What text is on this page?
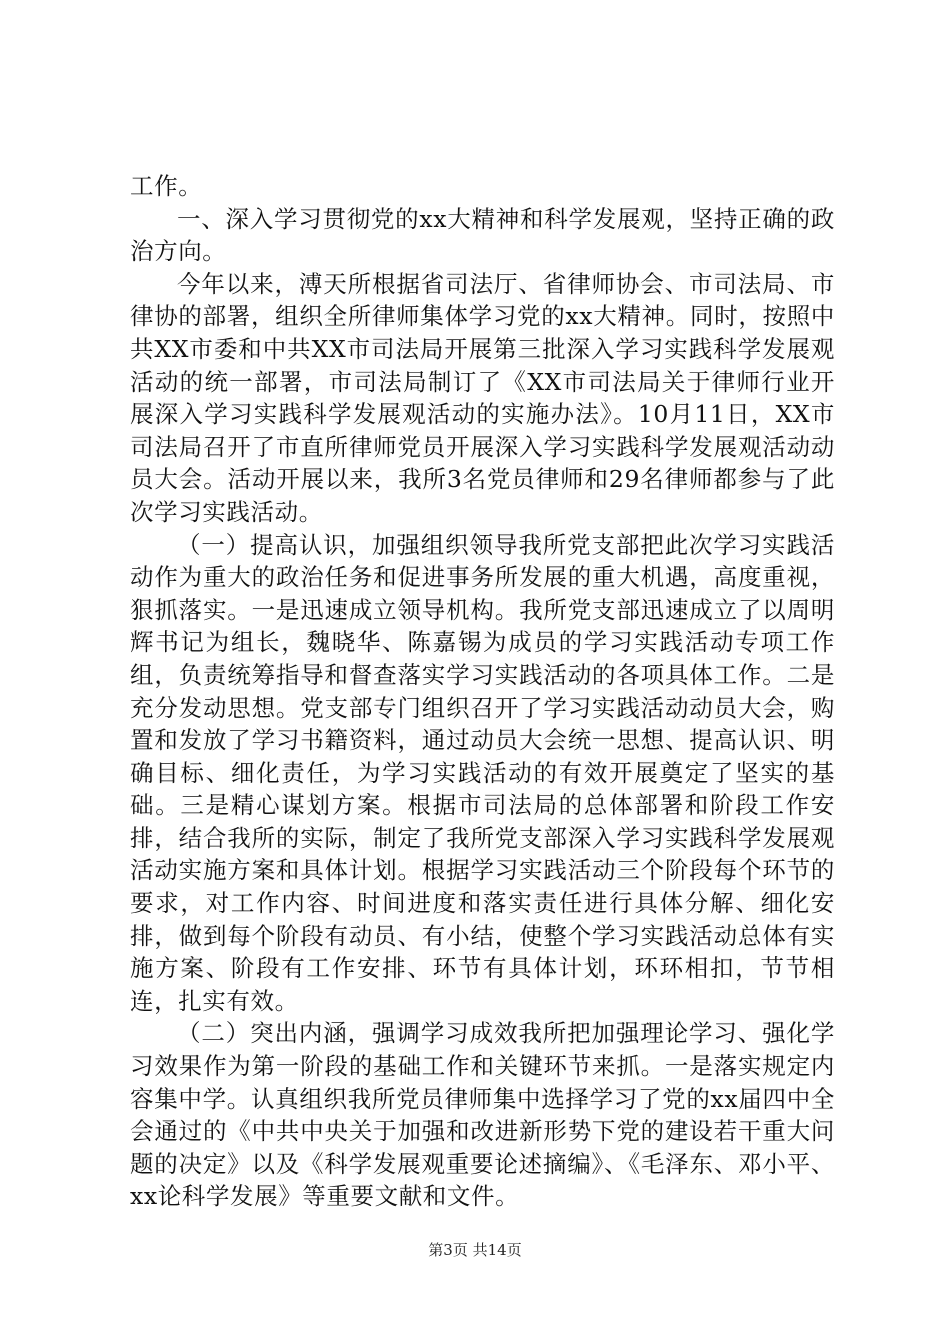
工作。

一、深入学习贯彻党的xx大精神和科学发展观，坚持正确的政治方向。

今年以来，溥天所根据省司法厅、省律师协会、市司法局、市律协的部署，组织全所律师集体学习党的xx大精神。同时，按照中共XX市委和中共XX市司法局开展第三批深入学习实践科学发展观活动的统一部署，市司法局制订了《XX市司法局关于律师行业开展深入学习实践科学发展观活动的实施办法》。10月11日，XX市司法局召开了市直所律师党员开展深入学习实践科学发展观活动动员大会。活动开展以来，我所3名党员律师和29名律师都参与了此次学习实践活动。

（一）提高认识，加强组织领导我所党支部把此次学习实践活动作为重大的政治任务和促进事务所发展的重大机遇，高度重视，狠抓落实。一是迅速成立领导机构。我所党支部迅速成立了以周明辉书记为组长，魏晓华、陈嘉锡为成员的学习实践活动专项工作组，负责统筹指导和督查落实学习实践活动的各项具体工作。二是充分发动思想。党支部专门组织召开了学习实践活动动员大会，购置和发放了学习书籍资料，通过动员大会统一思想、提高认识、明确目标、细化责任，为学习实践活动的有效开展奠定了坚实的基础。三是精心谋划方案。根据市司法局的总体部署和阶段工作安排，结合我所的实际，制定了我所党支部深入学习实践科学发展观活动实施方案和具体计划。根据学习实践活动三个阶段每个环节的要求，对工作内容、时间进度和落实责任进行具体分解、细化安排，做到每个阶段有动员、有小结，使整个学习实践活动总体有实施方案、阶段有工作安排、环节有具体计划，环环相扣，节节相连，扎实有效。

（二）突出内涵，强调学习成效我所把加强理论学习、强化学习效果作为第一阶段的基础工作和关键环节来抓。一是落实规定内容集中学。认真组织我所党员律师集中选择学习了党的xx届四中全会通过的《中共中央关于加强和改进新形势下党的建设若干重大问题的决定》以及《科学发展观重要论述摘编》、《毛泽东、邓小平、xx论科学发展》等重要文献和文件。

第3页 共14页
